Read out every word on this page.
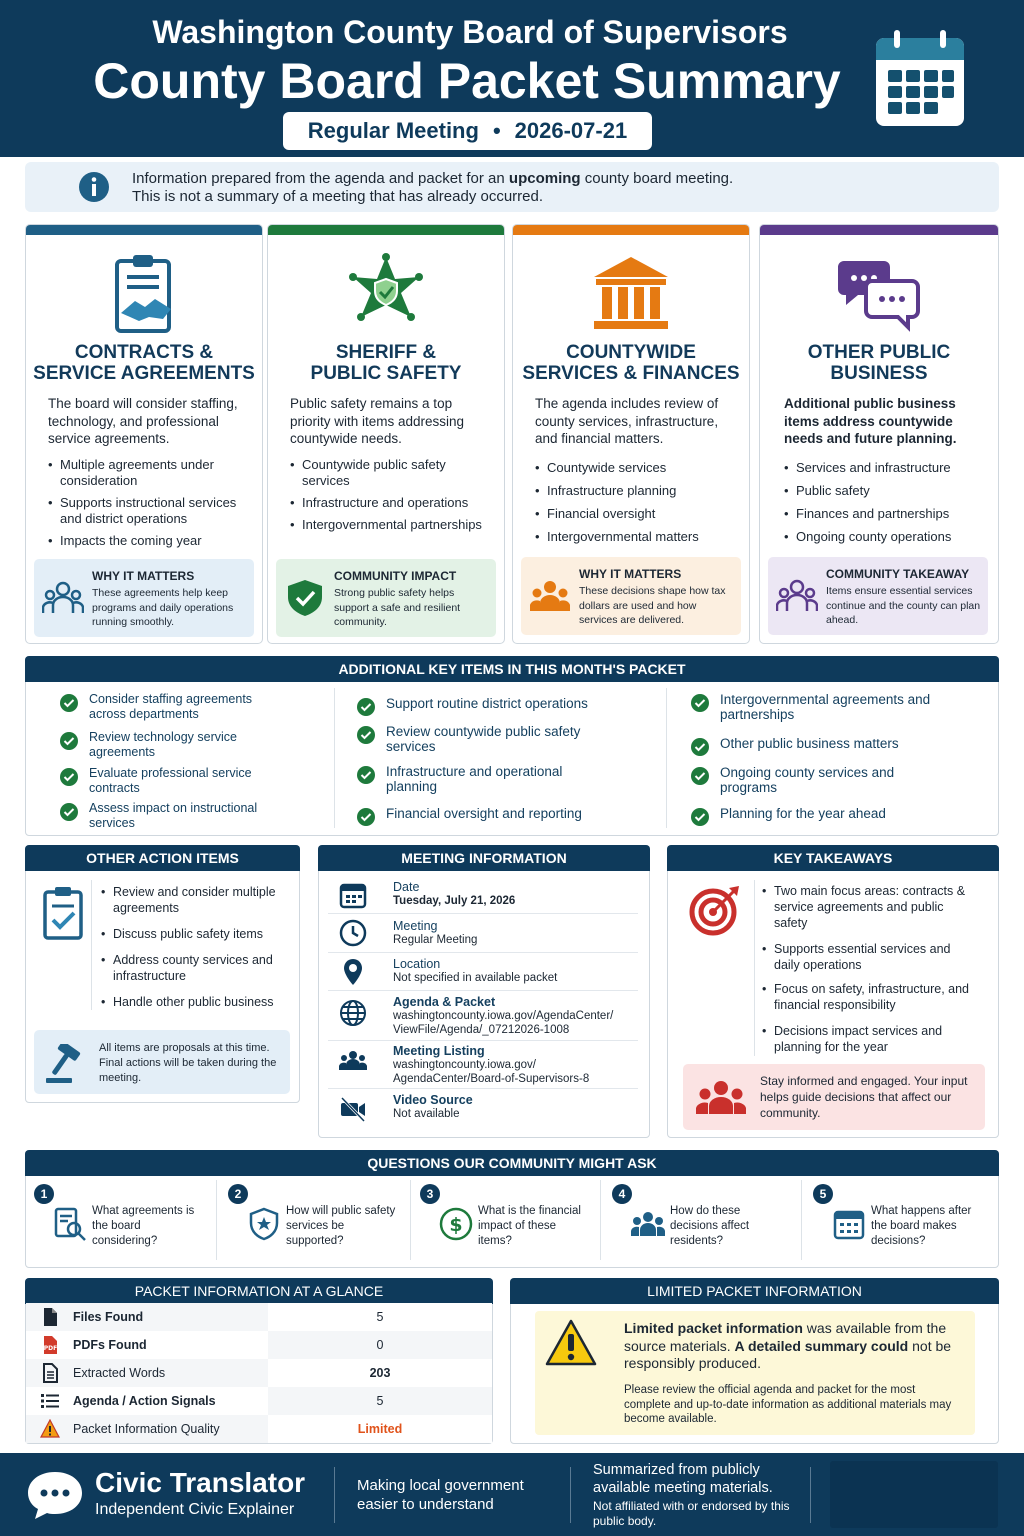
Washington County Board of Supervisors
County Board Packet Summary
Regular Meeting • 2026-07-21
Information prepared from the agenda and packet for an upcoming county board meeting.
This is not a summary of a meeting that has already occurred.
CONTRACTS &
SERVICE AGREEMENTS
The board will consider staffing, technology, and professional service agreements.
• Multiple agreements under consideration
• Supports instructional services and district operations
• Impacts the coming year
WHY IT MATTERS
These agreements help keep programs and daily operations running smoothly.
SHERIFF &
PUBLIC SAFETY
Public safety remains a top priority with items addressing countywide needs.
• Countywide public safety services
• Infrastructure and operations
• Intergovernmental partnerships
COMMUNITY IMPACT
Strong public safety helps support a safe and resilient community.
COUNTYWIDE
SERVICES & FINANCES
The agenda includes review of county services, infrastructure, and financial matters.
• Countywide services
• Infrastructure planning
• Financial oversight
• Intergovernmental matters
WHY IT MATTERS
These decisions shape how tax dollars are used and how services are delivered.
OTHER PUBLIC
BUSINESS
Additional public business items address countywide needs and future planning.
• Services and infrastructure
• Public safety
• Finances and partnerships
• Ongoing county operations
COMMUNITY TAKEAWAY
Items ensure essential services continue and the county can plan ahead.
ADDITIONAL KEY ITEMS IN THIS MONTH'S PACKET
Consider staffing agreements across departments
Review technology service agreements
Evaluate professional service contracts
Assess impact on instructional services
Support routine district operations
Review countywide public safety services
Infrastructure and operational planning
Financial oversight and reporting
Intergovernmental agreements and partnerships
Other public business matters
Ongoing county services and programs
Planning for the year ahead
OTHER ACTION ITEMS
• Review and consider multiple agreements
• Discuss public safety items
• Address county services and infrastructure
• Handle other public business
All items are proposals at this time. Final actions will be taken during the meeting.
MEETING INFORMATION
Date
Tuesday, July 21, 2026
Meeting
Regular Meeting
Location
Not specified in available packet
Agenda & Packet
washingtoncounty.iowa.gov/AgendaCenter/
ViewFile/Agenda/_07212026-1008
Meeting Listing
washingtoncounty.iowa.gov/
AgendaCenter/Board-of-Supervisors-8
Video Source
Not available
KEY TAKEAWAYS
• Two main focus areas: contracts & service agreements and public safety
• Supports essential services and daily operations
• Focus on safety, infrastructure, and financial responsibility
• Decisions impact services and planning for the year
Stay informed and engaged. Your input helps guide decisions that affect our community.
QUESTIONS OUR COMMUNITY MIGHT ASK
1
What agreements is the board considering?
2
How will public safety services be supported?
3
$
What is the financial impact of these items?
4
How do these decisions affect residents?
5
What happens after the board makes decisions?
PACKET INFORMATION AT A GLANCE
Files Found	5
PDF PDFs Found	0
Extracted Words	203
Agenda / Action Signals	5
Packet Information Quality	Limited
LIMITED PACKET INFORMATION
Limited packet information was available from the source materials. A detailed summary could not be responsibly produced.
Please review the official agenda and packet for the most complete and up-to-date information as additional materials may become available.
Civic Translator
Independent Civic Explainer
Making local government easier to understand
Summarized from publicly available meeting materials.
Not affiliated with or endorsed by this public body.
